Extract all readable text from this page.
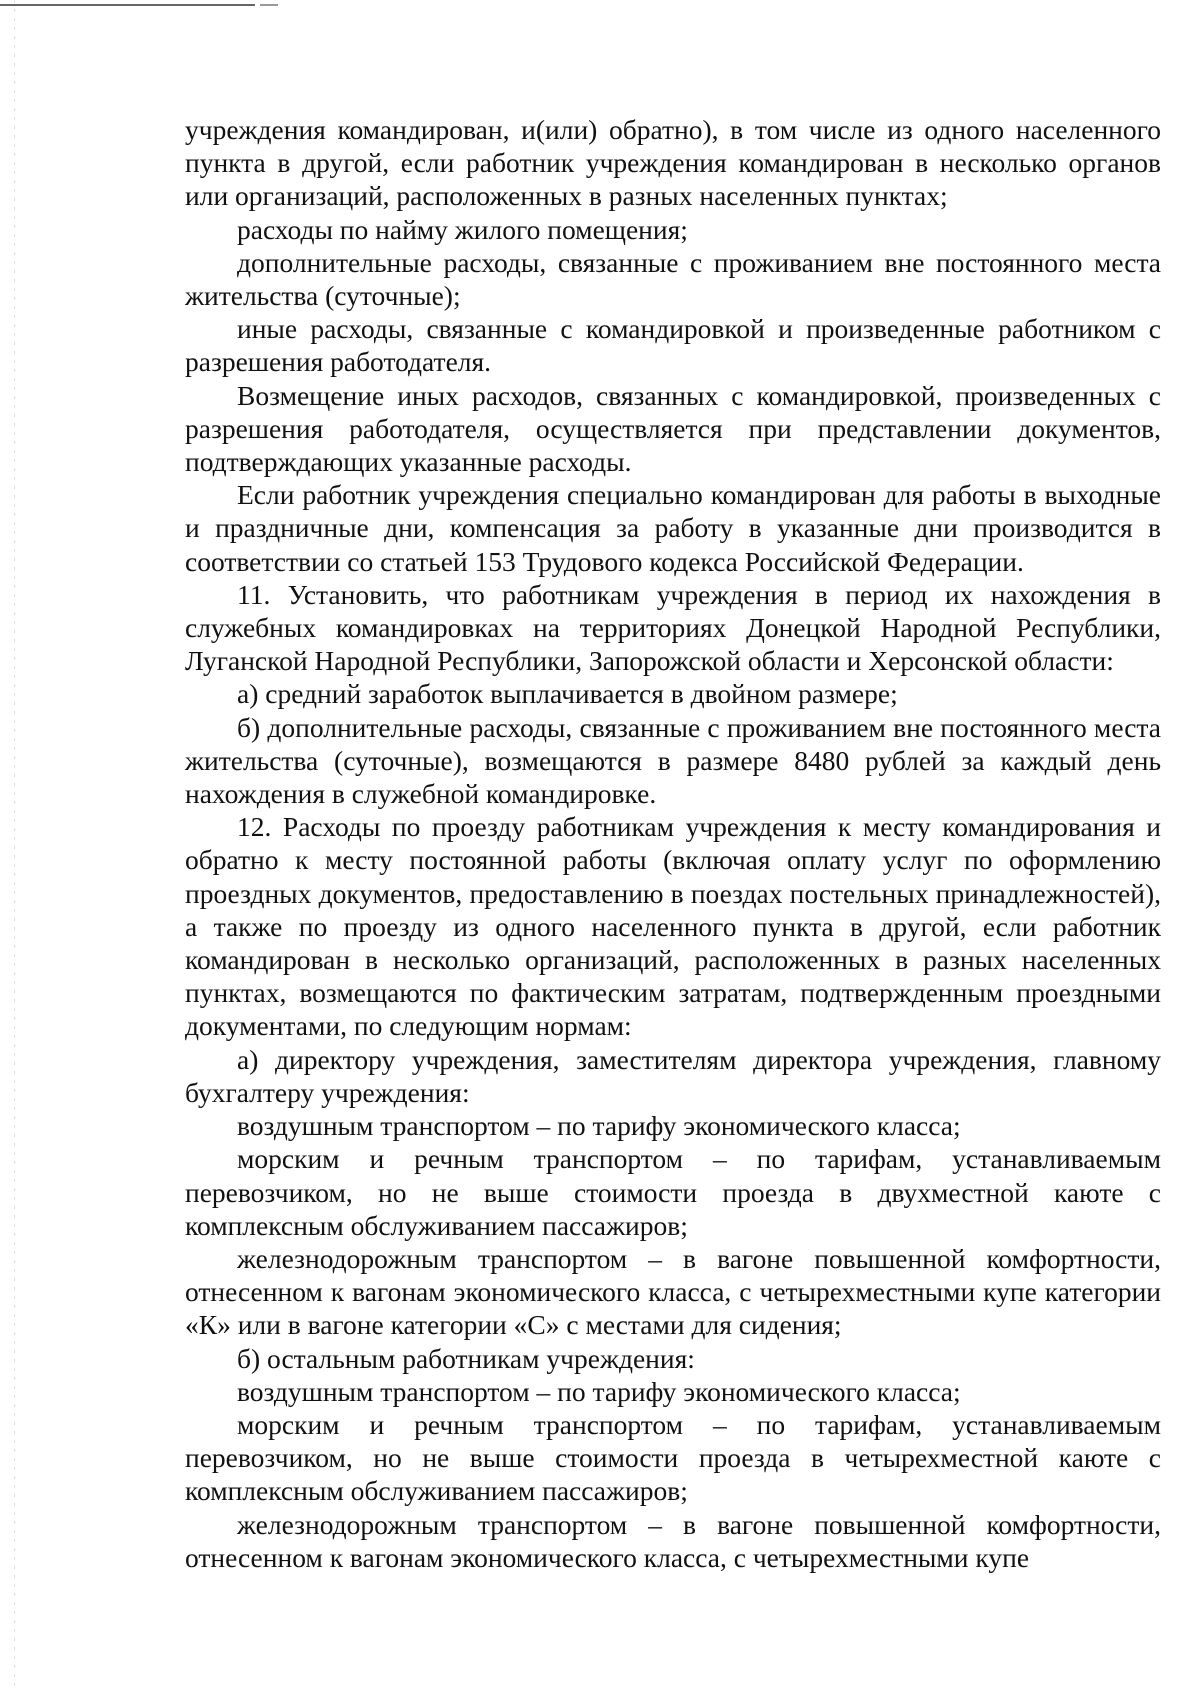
учреждения командирован, и(или) обратно), в том числе из одного населенного пункта в другой, если работник учреждения командирован в несколько органов или организаций, расположенных в разных населенных пунктах;

расходы по найму жилого помещения;

дополнительные расходы, связанные с проживанием вне постоянного места жительства (суточные);

иные расходы, связанные с командировкой и произведенные работником с разрешения работодателя.

Возмещение иных расходов, связанных с командировкой, произведенных с разрешения работодателя, осуществляется при представлении документов, подтверждающих указанные расходы.

Если работник учреждения специально командирован для работы в выходные и праздничные дни, компенсация за работу в указанные дни производится в соответствии со статьей 153 Трудового кодекса Российской Федерации.

11. Установить, что работникам учреждения в период их нахождения в служебных командировках на территориях Донецкой Народной Республики, Луганской Народной Республики, Запорожской области и Херсонской области:

а) средний заработок выплачивается в двойном размере;

б) дополнительные расходы, связанные с проживанием вне постоянного места жительства (суточные), возмещаются в размере 8480 рублей за каждый день нахождения в служебной командировке.

12. Расходы по проезду работникам учреждения к месту командирования и обратно к месту постоянной работы (включая оплату услуг по оформлению проездных документов, предоставлению в поездах постельных принадлежностей), а также по проезду из одного населенного пункта в другой, если работник командирован в несколько организаций, расположенных в разных населенных пунктах, возмещаются по фактическим затратам, подтвержденным проездными документами, по следующим нормам:

а) директору учреждения, заместителям директора учреждения, главному бухгалтеру учреждения:

воздушным транспортом – по тарифу экономического класса;

морским и речным транспортом – по тарифам, устанавливаемым перевозчиком, но не выше стоимости проезда в двухместной каюте с комплексным обслуживанием пассажиров;

железнодорожным транспортом – в вагоне повышенной комфортности, отнесенном к вагонам экономического класса, с четырехместными купе категории «К» или в вагоне категории «С» с местами для сидения;

б) остальным работникам учреждения:

воздушным транспортом – по тарифу экономического класса;

морским и речным транспортом – по тарифам, устанавливаемым перевозчиком, но не выше стоимости проезда в четырехместной каюте с комплексным обслуживанием пассажиров;

железнодорожным транспортом – в вагоне повышенной комфортности, отнесенном к вагонам экономического класса, с четырехместными купе
